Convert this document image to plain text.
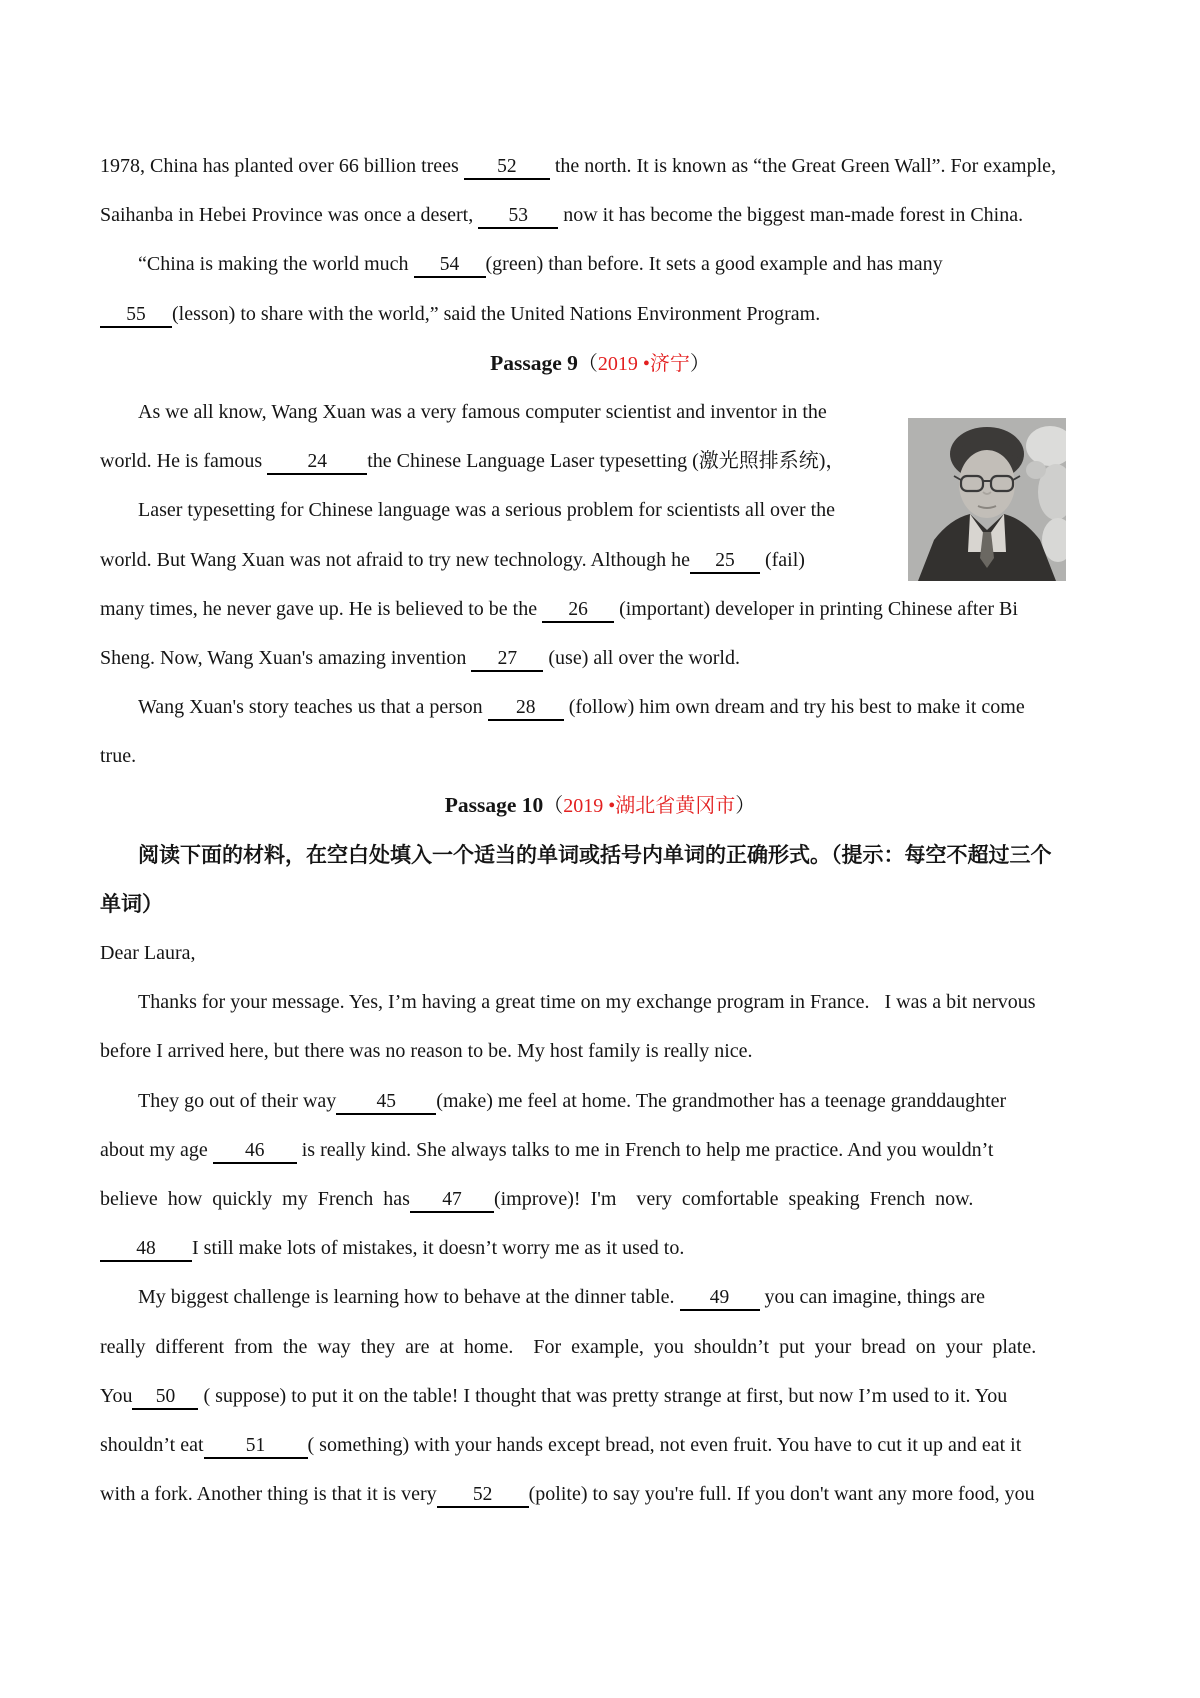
1978, China has planted over 66 billion trees 52 the north. It is known as “the Great Green Wall”. For example,
Saihanba in Hebei Province was once a desert, 53 now it has become the biggest man-made forest in China.
“China is making the world much 54 (green) than before. It sets a good example and has many
55 (lesson) to share with the world,” said the United Nations Environment Program.
Passage 9（2019 •济宁）
As we all know, Wang Xuan was a very famous computer scientist and inventor in the
world. He is famous 24 the Chinese Language Laser typesetting (激光照排系统)，
Laser typesetting for Chinese language was a serious problem for scientists all over the
world. But Wang Xuan was not afraid to try new technology. Although he 25 (fail)
many times, he never gave up. He is believed to be the 26 (important) developer in printing Chinese after Bi
Sheng. Now, Wang Xuan's amazing invention 27 (use) all over the world.
Wang Xuan's story teaches us that a person 28 (follow) him own dream and try his best to make it come
true.
Passage 10（2019 •湖北省黄冈市）
阅读下面的材料，在空白处填入一个适当的单词或括号内单词的正确形式。（提示：每空不超过三个
单词）
Dear Laura,
Thanks for your message. Yes, I’m having a great time on my exchange program in France.   I was a bit nervous
before I arrived here, but there was no reason to be. My host family is really nice.
They go out of their way 45 (make) me feel at home. The grandmother has a teenage granddaughter
about my age 46 is really kind. She always talks to me in French to help me practice. And you wouldn’t
believe how quickly my French has 47 (improve)! I'm  very comfortable speaking French now.
48 I still make lots of mistakes, it doesn’t worry me as it used to.
My biggest challenge is learning how to behave at the dinner table. 49 you can imagine, things are
really different from the way they are at home.  For example, you shouldn’t put your bread on your plate.
You 50 ( suppose) to put it on the table! I thought that was pretty strange at first, but now I’m used to it. You
shouldn’t eat 51 ( something) with your hands except bread, not even fruit. You have to cut it up and eat it
with a fork. Another thing is that it is very 52 (polite) to say you're full. If you don't want any more food, you
